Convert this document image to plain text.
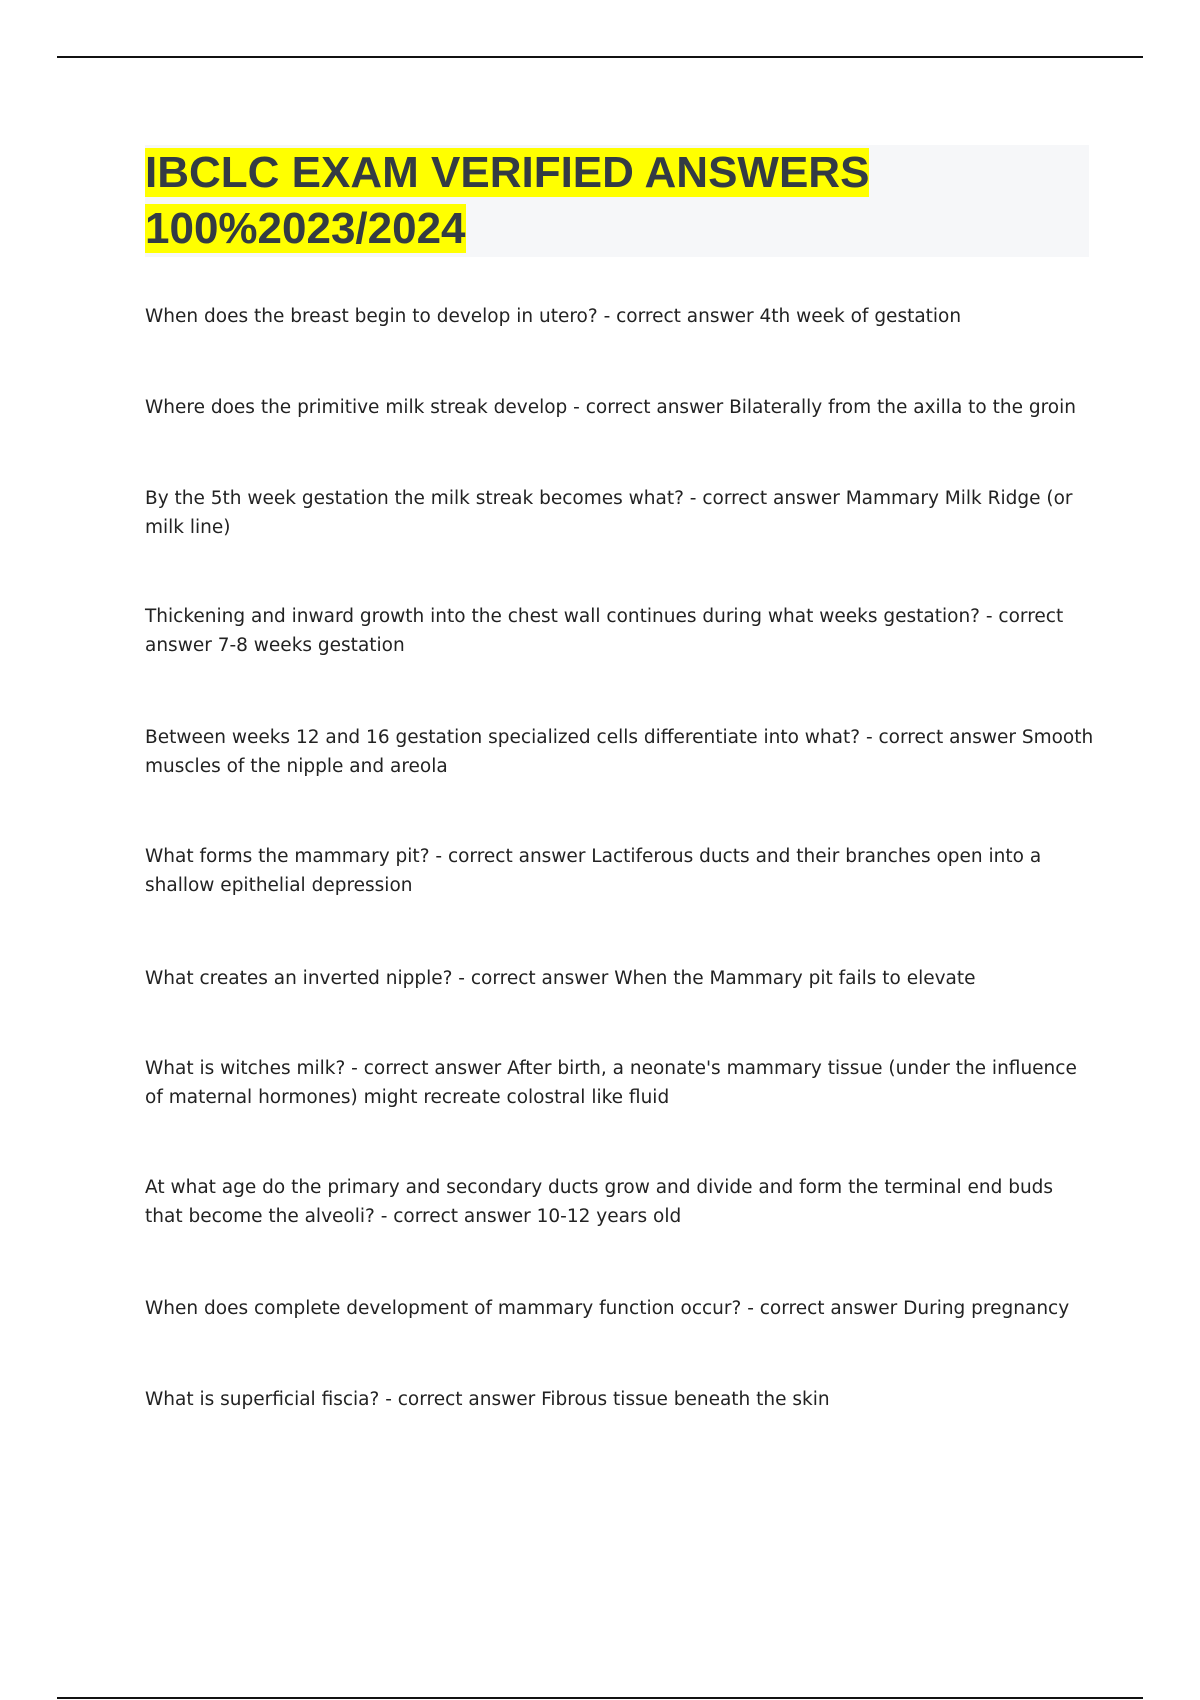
IBCLC EXAM VERIFIED ANSWERS
100%2023/2024

When does the breast begin to develop in utero? - correct answer 4th week of gestation

Where does the primitive milk streak develop - correct answer Bilaterally from the axilla to the groin

By the 5th week gestation the milk streak becomes what? - correct answer Mammary Milk Ridge (or milk line)

Thickening and inward growth into the chest wall continues during what weeks gestation? - correct answer 7-8 weeks gestation

Between weeks 12 and 16 gestation specialized cells differentiate into what? - correct answer Smooth muscles of the nipple and areola

What forms the mammary pit? - correct answer Lactiferous ducts and their branches open into a shallow epithelial depression

What creates an inverted nipple? - correct answer When the Mammary pit fails to elevate

What is witches milk? - correct answer After birth, a neonate's mammary tissue (under the influence of maternal hormones) might recreate colostral like fluid

At what age do the primary and secondary ducts grow and divide and form the terminal end buds that become the alveoli? - correct answer 10-12 years old

When does complete development of mammary function occur? - correct answer During pregnancy

What is superficial fiscia? - correct answer Fibrous tissue beneath the skin
